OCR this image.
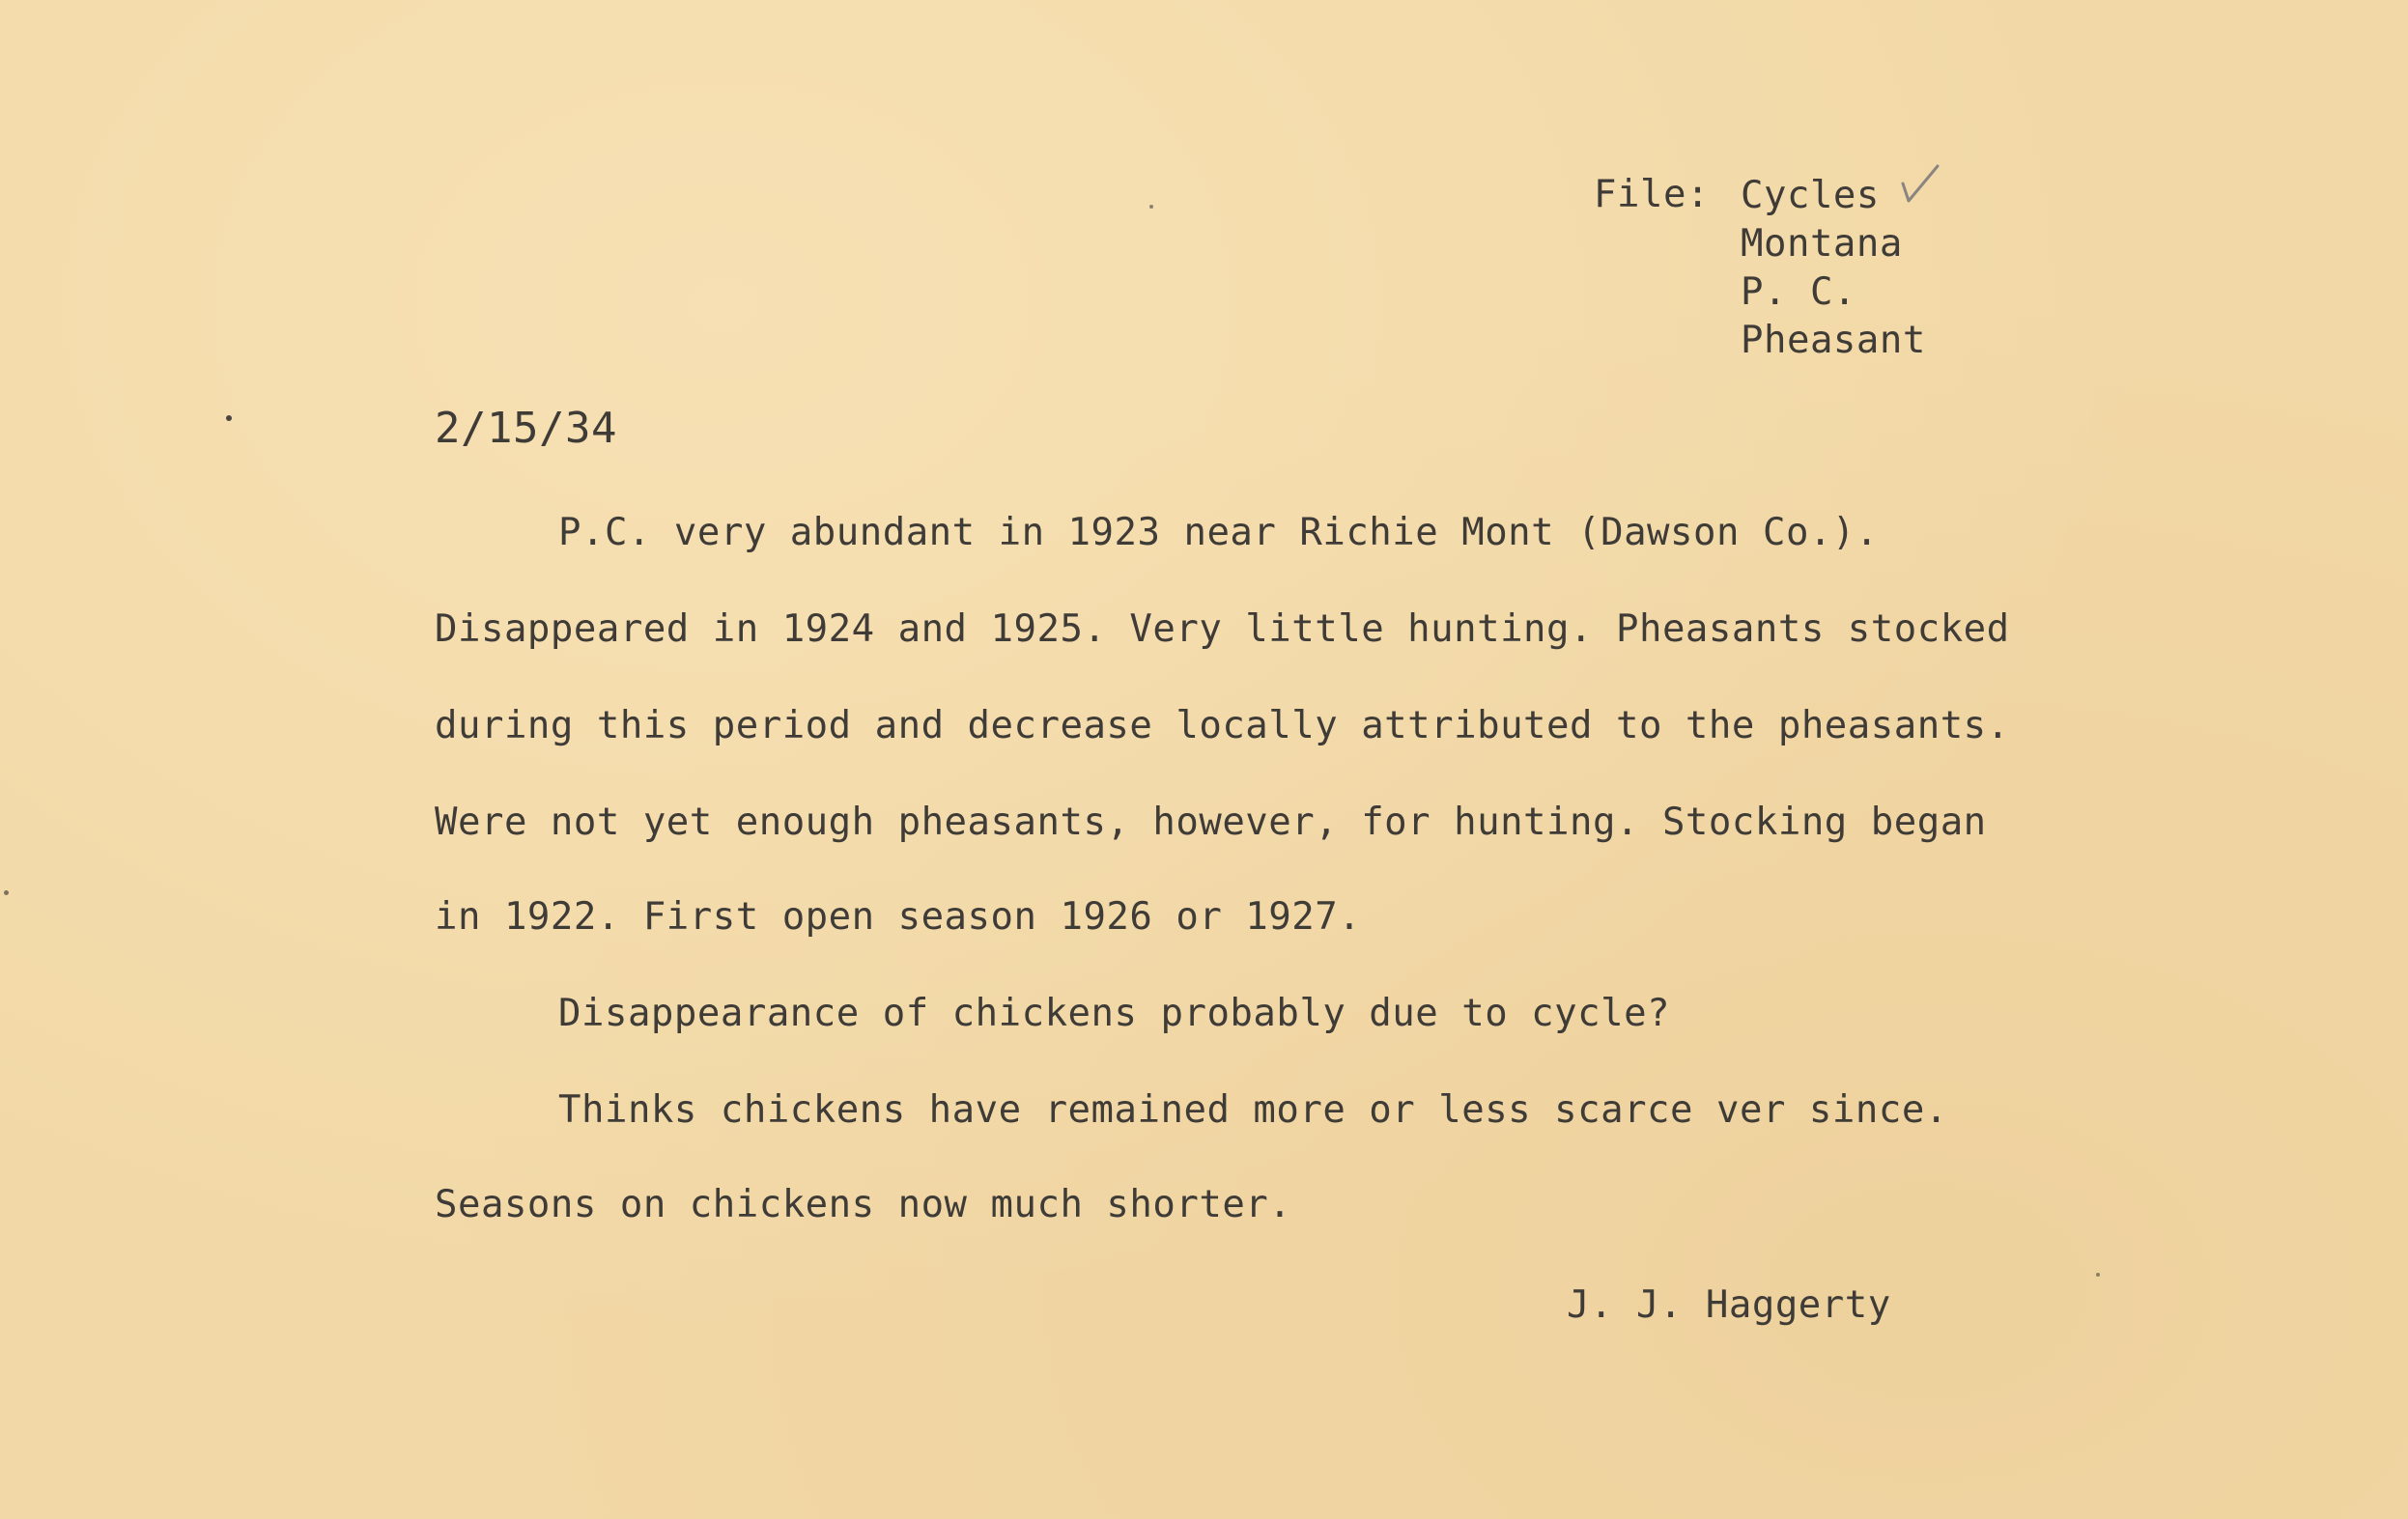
File: Cycles
Montana
P. C.
Pheasant
2/15/34
P.C. very abundant in 1923 near Richie Mont (Dawson Co.).
Disappeared in 1924 and 1925. Very little hunting. Pheasants stocked
during this period and decrease locally attributed to the pheasants.
Were not yet enough pheasants, however, for hunting. Stocking began
in 1922. First open season 1926 or 1927.
Disappearance of chickens probably due to cycle?
Thinks chickens have remained more or less scarce ver since.
Seasons on chickens now much shorter.
J. J. Haggerty
